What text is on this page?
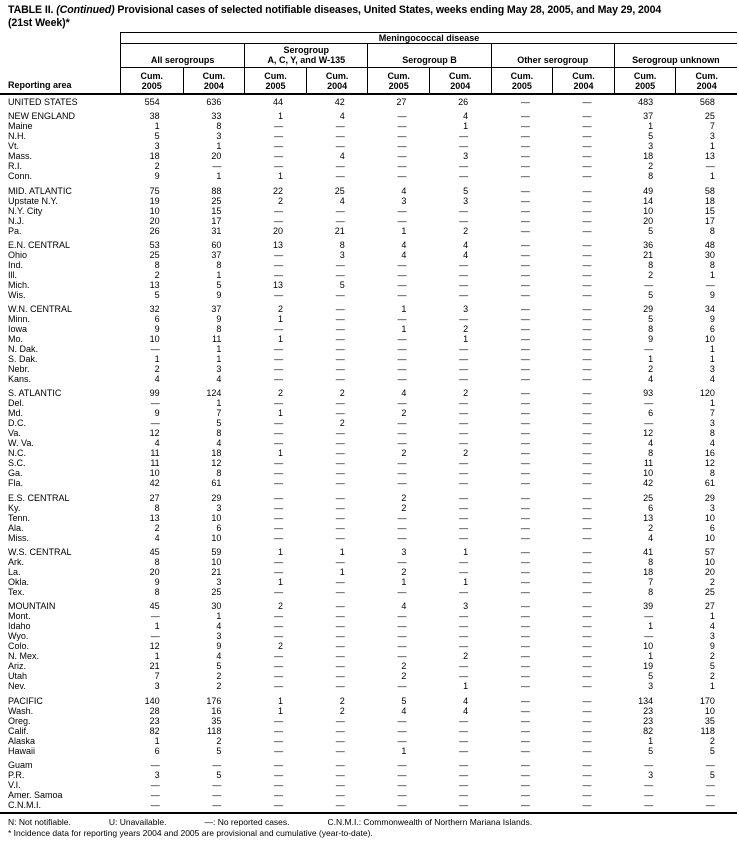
TABLE II. (Continued) Provisional cases of selected notifiable diseases, United States, weeks ending May 28, 2005, and May 29, 2004
(21st Week)*
Reporting area
Meningococcal disease
All serogroups
Serogroup
A, C, Y, and W-135	Serogroup B	Other serogroup	Serogroup unknown
Cum.
2005
Cum.
2004
Cum.
2005
Cum.
2004
Cum.
2005
Cum.
2004
Cum.
2005
Cum.
2004
Cum.
2005
Cum.
2004
UNITED STATES	554	636	44	42	27	26	—	—	483	568
NEW ENGLAND	38	33	1	4	—	4	—	—	37	25
Maine	1	8	—	—	—	1	—	—	1	7
N.H.	5	3	—	—	—	—	—	—	5	3
Vt.	3	1	—	—	—	—	—	—	3	1
Mass.	18	20	—	4	—	3	—	—	18	13
R.I.	2	—	—	—	—	—	—	—	2	—
Conn.	9	1	1	—	—	—	—	—	8	1
MID. ATLANTIC	75	88	22	25	4	5	—	—	49	58
Upstate N.Y.	19	25	2	4	3	3	—	—	14	18
N.Y. City	10	15	—	—	—	—	—	—	10	15
N.J.	20	17	—	—	—	—	—	—	20	17
Pa.	26	31	20	21	1	2	—	—	5	8
E.N. CENTRAL	53	60	13	8	4	4	—	—	36	48
Ohio	25	37	—	3	4	4	—	—	21	30
Ind.	8	8	—	—	—	—	—	—	8	8
Ill.	2	1	—	—	—	—	—	—	2	1
Mich.	13	5	13	5	—	—	—	—	—	—
Wis.	5	9	—	—	—	—	—	—	5	9
W.N. CENTRAL	32	37	2	—	1	3	—	—	29	34
Minn.	6	9	1	—	—	—	—	—	5	9
Iowa	9	8	—	—	1	2	—	—	8	6
Mo.	10	11	1	—	—	1	—	—	9	10
N. Dak.	—	1	—	—	—	—	—	—	—	1
S. Dak.	1	1	—	—	—	—	—	—	1	1
Nebr.	2	3	—	—	—	—	—	—	2	3
Kans.	4	4	—	—	—	—	—	—	4	4
S. ATLANTIC	99	124	2	2	4	2	—	—	93	120
Del.	—	1	—	—	—	—	—	—	—	1
Md.	9	7	1	—	2	—	—	—	6	7
D.C.	—	5	—	2	—	—	—	—	—	3
Va.	12	8	—	—	—	—	—	—	12	8
W. Va.	4	4	—	—	—	—	—	—	4	4
N.C.	11	18	1	—	2	2	—	—	8	16
S.C.	11	12	—	—	—	—	—	—	11	12
Ga.	10	8	—	—	—	—	—	—	10	8
Fla.	42	61	—	—	—	—	—	—	42	61
E.S. CENTRAL	27	29	—	—	2	—	—	—	25	29
Ky.	8	3	—	—	2	—	—	—	6	3
Tenn.	13	10	—	—	—	—	—	—	13	10
Ala.	2	6	—	—	—	—	—	—	2	6
Miss.	4	10	—	—	—	—	—	—	4	10
W.S. CENTRAL	45	59	1	1	3	1	—	—	41	57
Ark.	8	10	—	—	—	—	—	—	8	10
La.	20	21	—	1	2	—	—	—	18	20
Okla.	9	3	1	—	1	1	—	—	7	2
Tex.	8	25	—	—	—	—	—	—	8	25
MOUNTAIN	45	30	2	—	4	3	—	—	39	27
Mont.	—	1	—	—	—	—	—	—	—	1
Idaho	1	4	—	—	—	—	—	—	1	4
Wyo.	—	3	—	—	—	—	—	—	—	3
Colo.	12	9	2	—	—	—	—	—	10	9
N. Mex.	1	4	—	—	—	2	—	—	1	2
Ariz.	21	5	—	—	2	—	—	—	19	5
Utah	7	2	—	—	2	—	—	—	5	2
Nev.	3	2	—	—	—	1	—	—	3	1
PACIFIC	140	176	1	2	5	4	—	—	134	170
Wash.	28	16	1	2	4	4	—	—	23	10
Oreg.	23	35	—	—	—	—	—	—	23	35
Calif.	82	118	—	—	—	—	—	—	82	118
Alaska	1	2	—	—	—	—	—	—	1	2
Hawaii	6	5	—	—	1	—	—	—	5	5
Guam	—	—	—	—	—	—	—	—	—	—
P.R.	3	5	—	—	—	—	—	—	3	5
V.I.	—	—	—	—	—	—	—	—	—	—
Amer. Samoa	—	—	—	—	—	—	—	—	—	—
C.N.M.I.	—	—	—	—	—	—	—	—	—	—
N: Not notifiable.	U: Unavailable.	—: No reported cases.	C.N.M.I.: Commonwealth of Northern Mariana Islands.
* Incidence data for reporting years 2004 and 2005 are provisional and cumulative (year-to-date).
